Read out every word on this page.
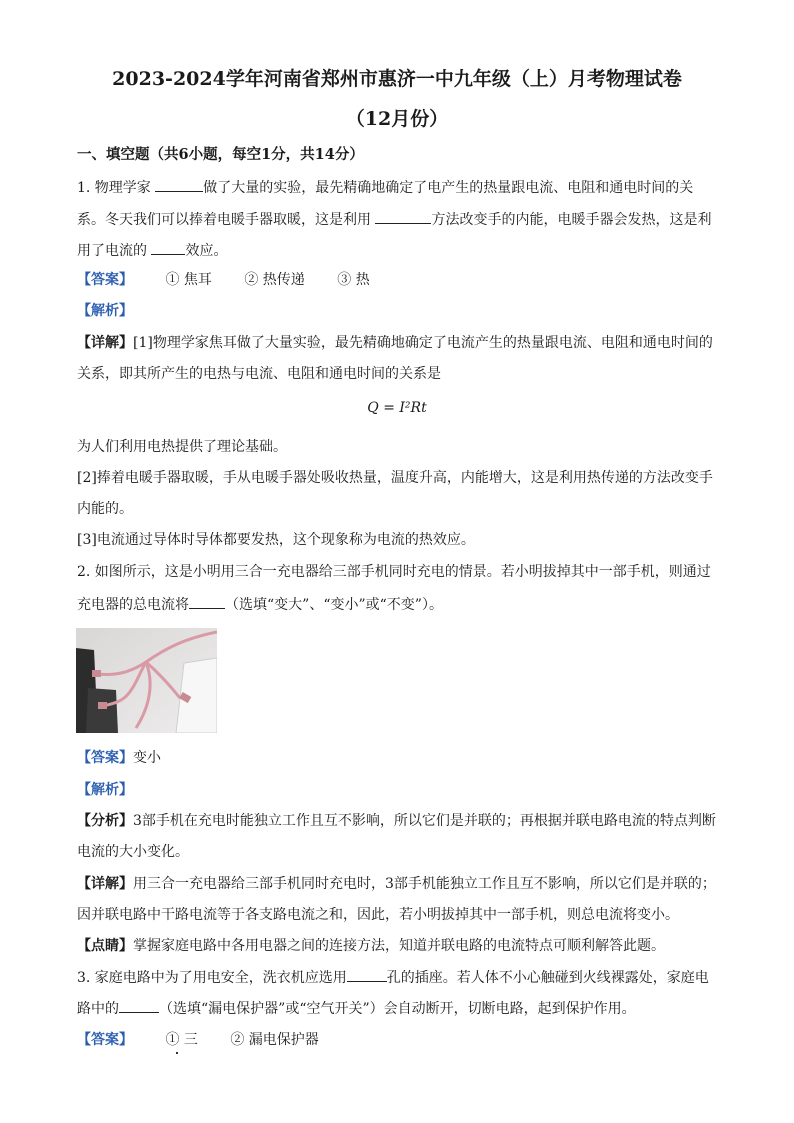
2023-2024学年河南省郑州市惠济一中九年级（上）月考物理试卷
（12月份）
一、填空题（共6小题，每空1分，共14分）
1. 物理学家	做了大量的实验，最先精确地确定了电产生的热量跟电流、电阻和通电时间的关
系。冬天我们可以捧着电暖手器取暖，这是利用	方法改变手的内能，电暖手器会发热，这是利
用了电流的	效应。
【答案】 ① 焦耳 ② 热传递 ③ 热
【解析】
【详解】[1]物理学家焦耳做了大量实验，最先精确地确定了电流产生的热量跟电流、电阻和通电时间的
关系，即其所产生的电热与电流、电阻和通电时间的关系是
Q = I²Rt
为人们利用电热提供了理论基础。
[2]捧着电暖手器取暖，手从电暖手器处吸收热量，温度升高，内能增大，这是利用热传递的方法改变手
内能的。
[3]电流通过导体时导体都要发热，这个现象称为电流的热效应。
2. 如图所示，这是小明用三合一充电器给三部手机同时充电的情景。若小明拔掉其中一部手机，则通过
充电器的总电流将	（选填“变大”、“变小”或“不变”）。
【答案】变小
【解析】
【分析】3部手机在充电时能独立工作且互不影响，所以它们是并联的；再根据并联电路电流的特点判断
电流的大小变化。
【详解】用三合一充电器给三部手机同时充电时，3部手机能独立工作且互不影响，所以它们是并联的；
因并联电路中干路电流等于各支路电流之和，因此，若小明拔掉其中一部手机，则总电流将变小。
【点睛】掌握家庭电路中各用电器之间的连接方法，知道并联电路的电流特点可顺利解答此题。
3. 家庭电路中为了用电安全，洗衣机应选用	孔的插座。若人体不小心触碰到火线裸露处，家庭电
路中的	（选填“漏电保护器”或“空气开关”）会自动断开，切断电路，起到保护作用。
【答案】 ① 三 ② 漏电保护器
